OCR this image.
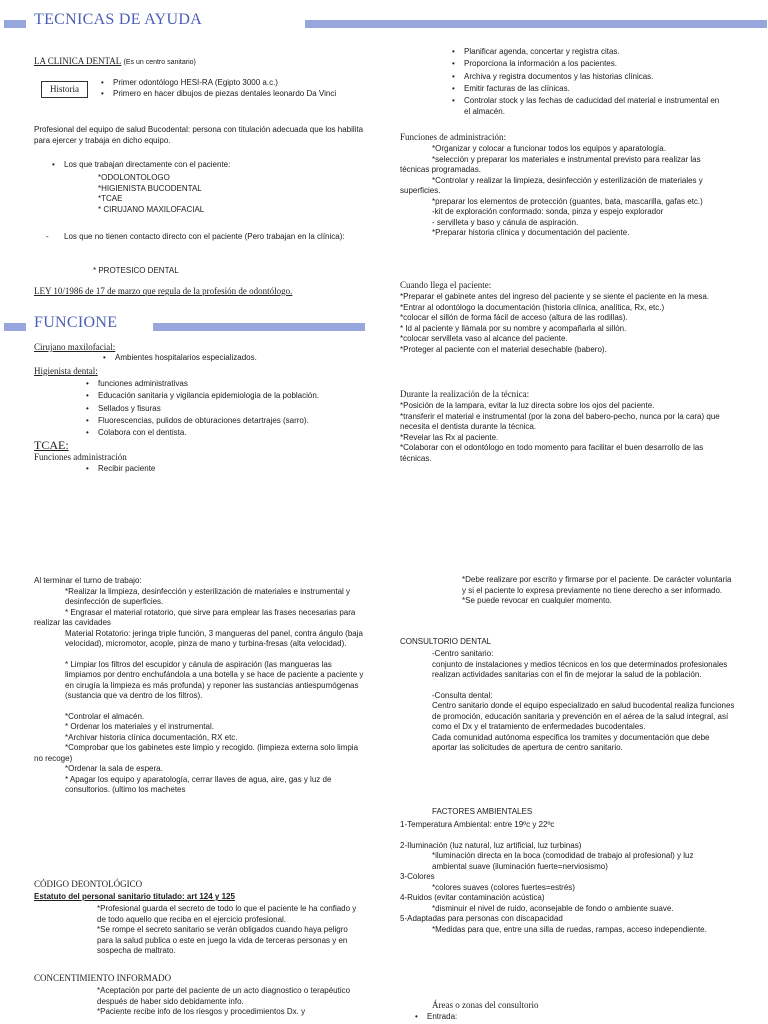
TECNICAS DE AYUDA
LA CLINICA DENTAL (Es un centro sanitario)
Historia
• Primer odontólogo HESI-RA (Egipto 3000 a.c.)
• Primero en hacer dibujos de piezas dentales leonardo Da Vinci
Profesional del equipo de salud Bucodental: persona con titulación adecuada que los habilita para ejercer y trabaja en dicho equipo.
• Los que trabajan directamente con el paciente:
*ODOLONTOLOGO
*HIGIENISTA BUCODENTAL
*TCAE
* CIRUJANO MAXILOFACIAL
- Los que no tienen contacto directo con el paciente (Pero trabajan en la clínica):
* PROTESICO DENTAL
LEY 10/1986 de 17 de marzo que regula de la profesión de odontólogo.
FUNCIONE
Cirujano maxilofacial:
• Ambientes hospitalarios especializados.
Higienista dental:
• funciones administrativas
• Educación sanitaria y vigilancia epidemiologia de la población.
• Sellados y fisuras
• Fluorescencias, pulidos de obturaciones detartrajes (sarro).
• Colabora con el dentista.
TCAE:
Funciones administración
• Recibir paciente
• Planificar agenda, concertar y registra citas.
• Proporciona la información a los pacientes.
• Archiva y registra documentos y las historias clínicas.
• Emitir facturas de las clínicas.
• Controlar stock y las fechas de caducidad del material e instrumental en el almacén.
Funciones de administración:
*Organizar y colocar a funcionar todos los equipos y aparatología.
*selección y preparar los materiales e instrumental previsto para realizar las técnicas programadas.
*Controlar y realizar la limpieza, desinfección y esterilización de materiales y superficies.
*preparar los elementos de protección (guantes, bata, mascarilla, gafas etc.)
-kit de exploración conformado: sonda, pinza y espejo explorador
- servilleta y baso y cánula de aspiración.
*Preparar historia clínica y documentación del paciente.
Cuando llega el paciente:
*Preparar el gabinete antes del ingreso del paciente y se siente el paciente en la mesa.
*Entrar al odontólogo la documentación (historia clínica, analítica, Rx, etc.)
*colocar el sillón de forma fácil de acceso (altura de las rodillas).
* Id al paciente y llámala por su nombre y acompañarla al sillón.
*colocar servilleta vaso al alcance del paciente.
*Proteger al paciente con el material desechable (babero).
Durante la realización de la técnica:
*Posición de la lampara, evitar la luz directa sobre los ojos del paciente.
*transferir el material e instrumental (por la zona del babero-pecho, nunca por la cara) que necesita el dentista durante la técnica.
*Revelar las Rx al paciente.
*Colaborar con el odontólogo en todo momento para facilitar el buen desarrollo de las técnicas.
Al terminar el turno de trabajo:
*Realizar la limpieza, desinfección y esterilización de materiales e instrumental y desinfección de superficies.
* Engrasar el material rotatorio, que sirve para emplear las frases necesarias para realizar las cavidades
Material Rotatorio: jeringa triple función, 3 mangueras del panel, contra ángulo (baja velocidad), micromotor, acople, pinza de mano y turbina-fresas (alta velocidad).
* Limpiar los filtros del escupidor y cánula de aspiración (las mangueras las limpiamos por dentro enchufándola a una botella y se hace de paciente a paciente y en cirugía la limpieza es más profunda) y reponer las sustancias antiespumógenas (sustancia que va dentro de los filtros).
*Controlar el almacén.
* Ordenar los materiales y el instrumental.
*Archivar historia clínica documentación, RX etc.
*Comprobar que los gabinetes este limpio y recogido. (limpieza externa solo limpia no recoge)
*Ordenar la sala de espera.
* Apagar los equipo y aparatología, cerrar llaves de agua, aire, gas y luz de consultorios. (ultimo los machetes
CÓDIGO DEONTOLÓGICO
Estatuto del personal sanitario titulado: art 124 y 125
*Profesional guarda el secreto de todo lo que el paciente le ha confiado y de todo aquello que reciba en el ejercicio profesional.
*Se rompe el secreto sanitario se verán obligados cuando haya peligro para la salud publica o este en juego la vida de terceras personas y en sospecha de maltrato.
CONCENTIMIENTO INFORMADO
*Aceptación por parte del paciente de un acto diagnostico o terapéutico después de haber sido debidamente info.
*Paciente recibe info de los riesgos y procedimientos Dx. y
*Debe realizare por escrito y firmarse por el paciente. De carácter voluntaria y si el paciente lo expresa previamente no tiene derecho a ser informado.
*Se puede revocar en cualquier momento.
CONSULTORIO DENTAL
-Centro sanitario:
conjunto de instalaciones y medios técnicos en los que determinados profesionales realizan actividades sanitarias con el fin de mejorar la salud de la población.
-Consulta dental:
Centro sanitario donde el equipo especializado en salud bucodental realiza funciones de promoción, educación sanitaria y prevención en el aérea de la salud integral, así como el Dx y el tratamiento de enfermedades bucodentales.
Cada comunidad autónoma especifica los tramites y documentación que debe aportar las solicitudes de apertura de centro sanitario.
FACTORES AMBIENTALES
1-Temperatura Ambiental: entre 19ºc y 22ºc
2-Iluminación (luz natural, luz artificial, luz turbinas)
*iluminación directa en la boca (comodidad de trabajo al profesional) y luz ambiental suave (iluminación fuerte=nerviosismo)
3-Colores
*colores suaves (colores fuertes=estrés)
4-Ruidos (evitar contaminación acústica)
*disminuir el nivel de ruido, aconsejable de fondo o ambiente suave.
5-Adaptadas para personas con discapacidad
*Medidas para que, entre una silla de ruedas, rampas, acceso independiente.
Áreas o zonas del consultorio
• Entrada:
